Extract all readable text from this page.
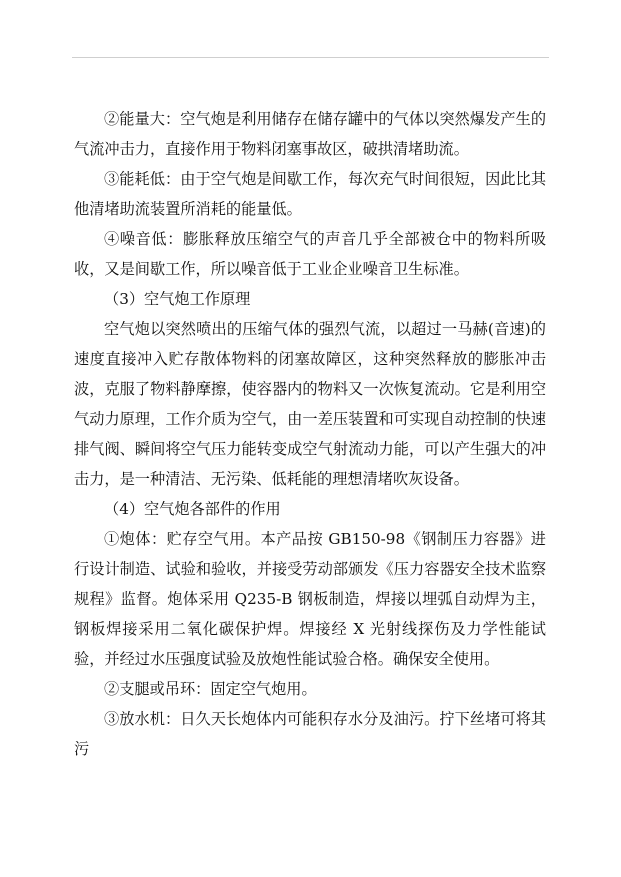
②能量大：空气炮是利用储存在储存罐中的气体以突然爆发产生的气流冲击力，直接作用于物料闭塞事故区，破拱清堵助流。

③能耗低：由于空气炮是间歇工作，每次充气时间很短，因此比其他清堵助流装置所消耗的能量低。

④噪音低：膨胀释放压缩空气的声音几乎全部被仓中的物料所吸收，又是间歇工作，所以噪音低于工业企业噪音卫生标准。

（3）空气炮工作原理

空气炮以突然喷出的压缩气体的强烈气流，以超过一马赫(音速)的速度直接冲入贮存散体物料的闭塞故障区，这种突然释放的膨胀冲击波，克服了物料静摩擦，使容器内的物料又一次恢复流动。它是利用空气动力原理，工作介质为空气，由一差压装置和可实现自动控制的快速排气阀、瞬间将空气压力能转变成空气射流动力能，可以产生强大的冲击力，是一种清洁、无污染、低耗能的理想清堵吹灰设备。

（4）空气炮各部件的作用

①炮体：贮存空气用。本产品按 GB150-98《钢制压力容器》进行设计制造、试验和验收，并接受劳动部颁发《压力容器安全技术监察规程》监督。炮体采用 Q235-B 钢板制造，焊接以埋弧自动焊为主，钢板焊接采用二氧化碳保护焊。焊接经 X 光射线探伤及力学性能试验，并经过水压强度试验及放炮性能试验合格。确保安全使用。

②支腿或吊环：固定空气炮用。

③放水机：日久天长炮体内可能积存水分及油污。拧下丝堵可将其污
